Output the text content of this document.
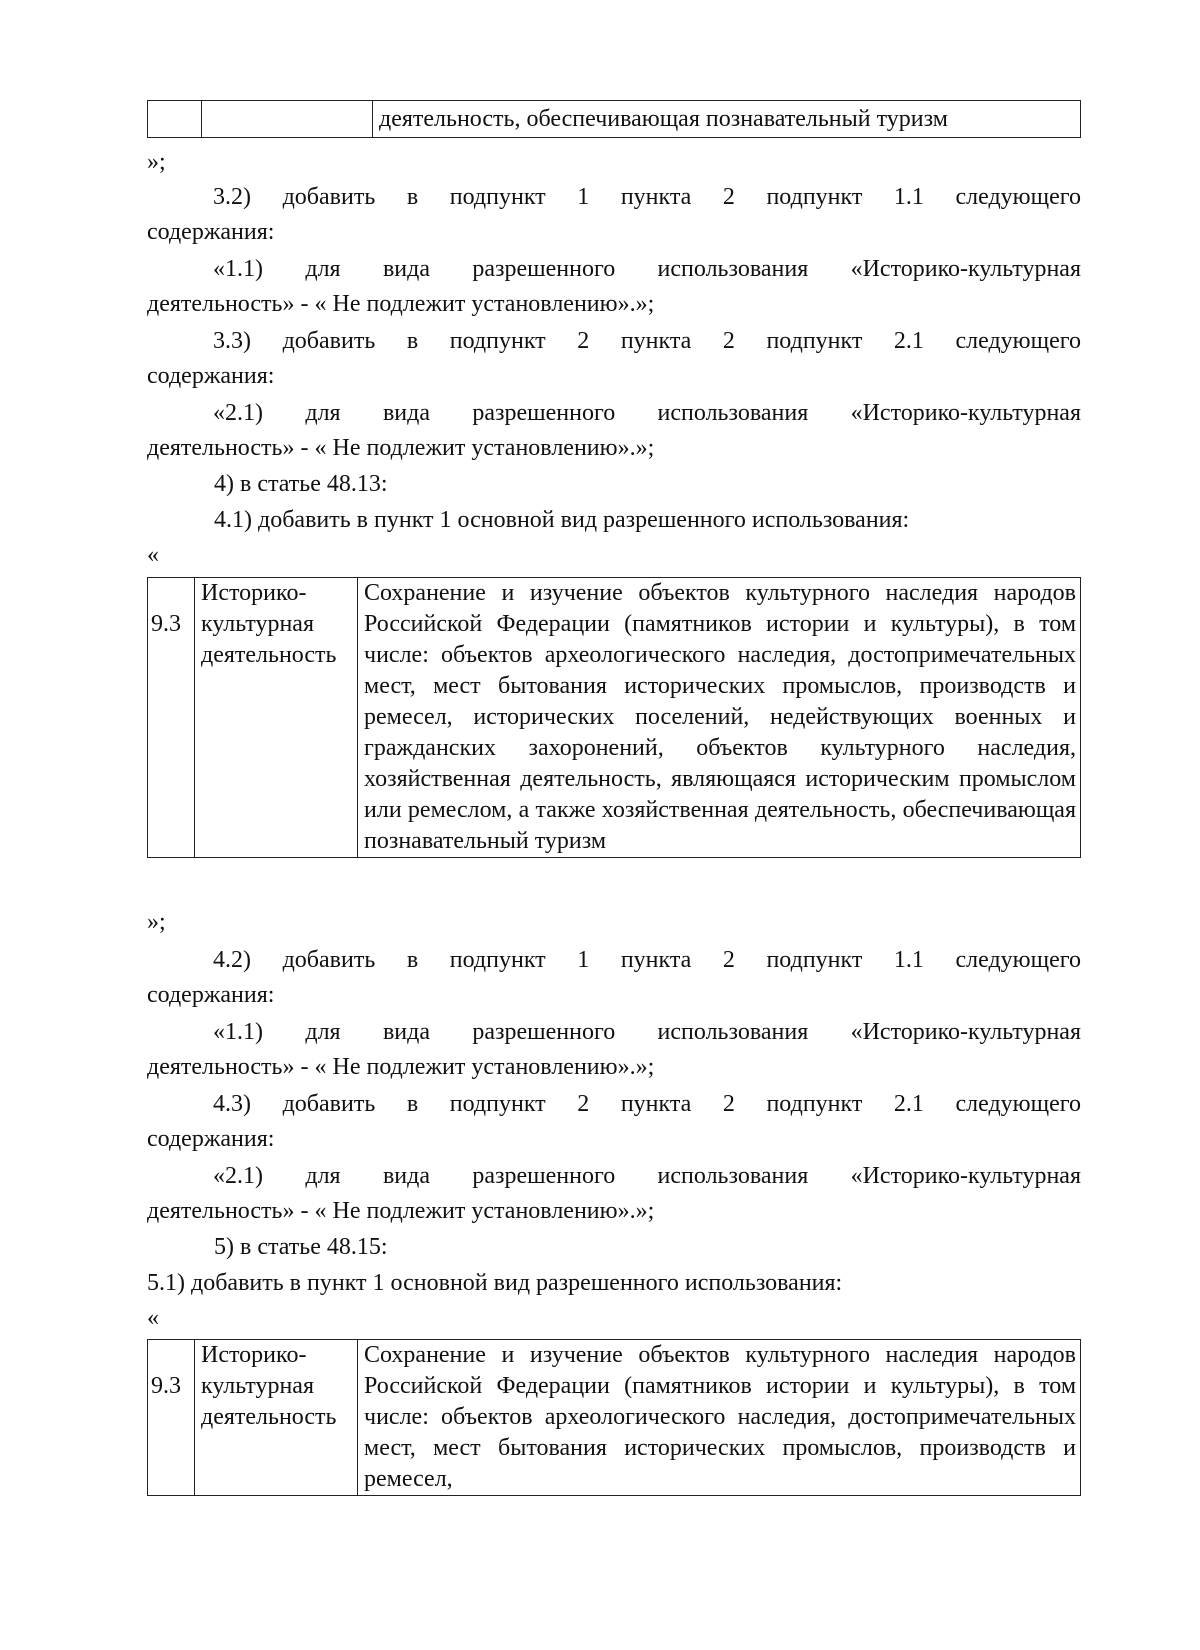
		деятельность, обеспечивающая познавательный туризм
»;
3.2) добавить в подпункт 1 пункта 2 подпункт 1.1 следующего
содержания:
«1.1) для вида разрешенного использования «Историко-культурная
деятельность» - « Не подлежит установлению».»;
3.3) добавить в подпункт 2 пункта 2 подпункт 2.1 следующего
содержания:
«2.1) для вида разрешенного использования «Историко-культурная
деятельность» - « Не подлежит установлению».»;
4) в статье 48.13:
4.1) добавить в пункт 1 основной вид разрешенного использования:
«
9.3	Историко-культурная деятельность	Сохранение и изучение объектов культурного наследия народов Российской Федерации (памятников истории и культуры), в том числе: объектов археологического наследия, достопримечательных мест, мест бытования исторических промыслов, производств и ремесел, исторических поселений, недействующих военных и гражданских захоронений, объектов культурного наследия, хозяйственная деятельность, являющаяся историческим промыслом или ремеслом, а также хозяйственная деятельность, обеспечивающая познавательный туризм
»;
4.2) добавить в подпункт 1 пункта 2 подпункт 1.1 следующего
содержания:
«1.1) для вида разрешенного использования «Историко-культурная
деятельность» - « Не подлежит установлению».»;
4.3) добавить в подпункт 2 пункта 2 подпункт 2.1 следующего
содержания:
«2.1) для вида разрешенного использования «Историко-культурная
деятельность» - « Не подлежит установлению».»;
5) в статье 48.15:
5.1) добавить в пункт 1 основной вид разрешенного использования:
«
9.3	Историко-культурная деятельность	Сохранение и изучение объектов культурного наследия народов Российской Федерации (памятников истории и культуры), в том числе: объектов археологического наследия, достопримечательных мест, мест бытования исторических промыслов, производств и ремесел,
